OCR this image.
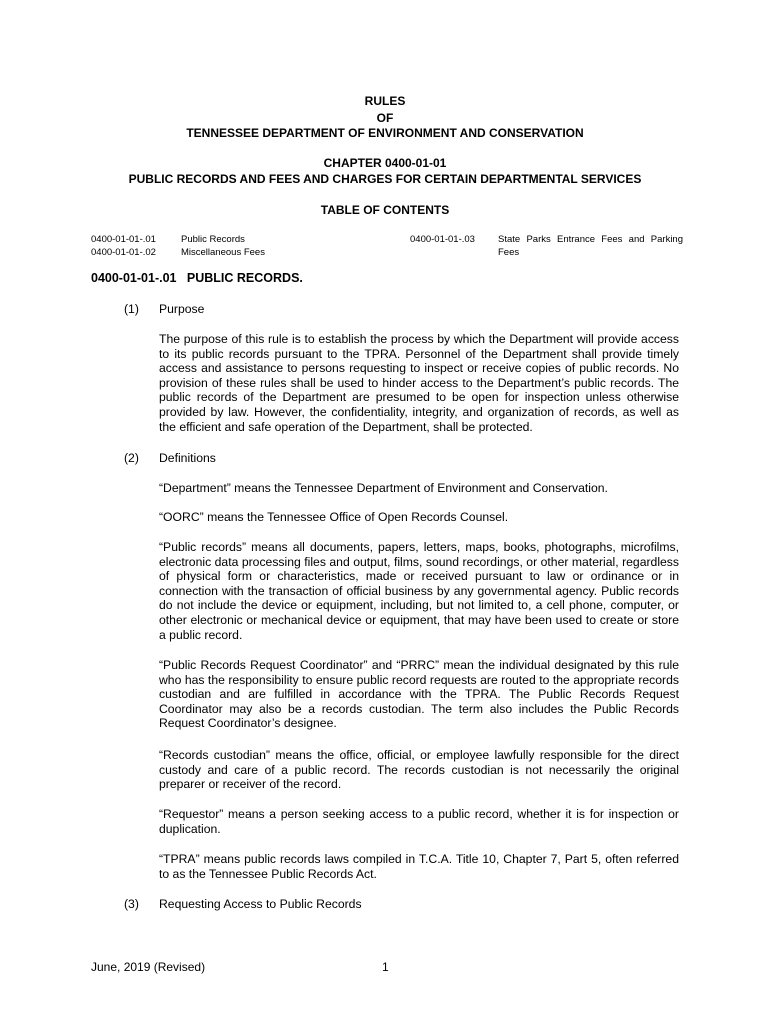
RULES
OF
TENNESSEE DEPARTMENT OF ENVIRONMENT AND CONSERVATION
CHAPTER 0400-01-01
PUBLIC RECORDS AND FEES AND CHARGES FOR CERTAIN DEPARTMENTAL SERVICES
TABLE OF CONTENTS
0400-01-01-.01	Public Records
0400-01-01-.02	Miscellaneous Fees
0400-01-01-.03 State Parks Entrance Fees and Parking Fees
0400-01-01-.01   PUBLIC RECORDS.
(1) Purpose
The purpose of this rule is to establish the process by which the Department will provide access to its public records pursuant to the TPRA. Personnel of the Department shall provide timely access and assistance to persons requesting to inspect or receive copies of public records. No provision of these rules shall be used to hinder access to the Department’s public records. The public records of the Department are presumed to be open for inspection unless otherwise provided by law. However, the confidentiality, integrity, and organization of records, as well as the efficient and safe operation of the Department, shall be protected.
(2) Definitions
“Department” means the Tennessee Department of Environment and Conservation.
“OORC” means the Tennessee Office of Open Records Counsel.
“Public records” means all documents, papers, letters, maps, books, photographs, microfilms, electronic data processing files and output, films, sound recordings, or other material, regardless of physical form or characteristics, made or received pursuant to law or ordinance or in connection with the transaction of official business by any governmental agency. Public records do not include the device or equipment, including, but not limited to, a cell phone, computer, or other electronic or mechanical device or equipment, that may have been used to create or store a public record.
“Public Records Request Coordinator” and “PRRC” mean the individual designated by this rule who has the responsibility to ensure public record requests are routed to the appropriate records custodian and are fulfilled in accordance with the TPRA. The Public Records Request Coordinator may also be a records custodian. The term also includes the Public Records Request Coordinator’s designee.
“Records custodian” means the office, official, or employee lawfully responsible for the direct custody and care of a public record. The records custodian is not necessarily the original preparer or receiver of the record.
“Requestor” means a person seeking access to a public record, whether it is for inspection or duplication.
“TPRA” means public records laws compiled in T.C.A. Title 10, Chapter 7, Part 5, often referred to as the Tennessee Public Records Act.
(3) Requesting Access to Public Records
June, 2019 (Revised)	1
